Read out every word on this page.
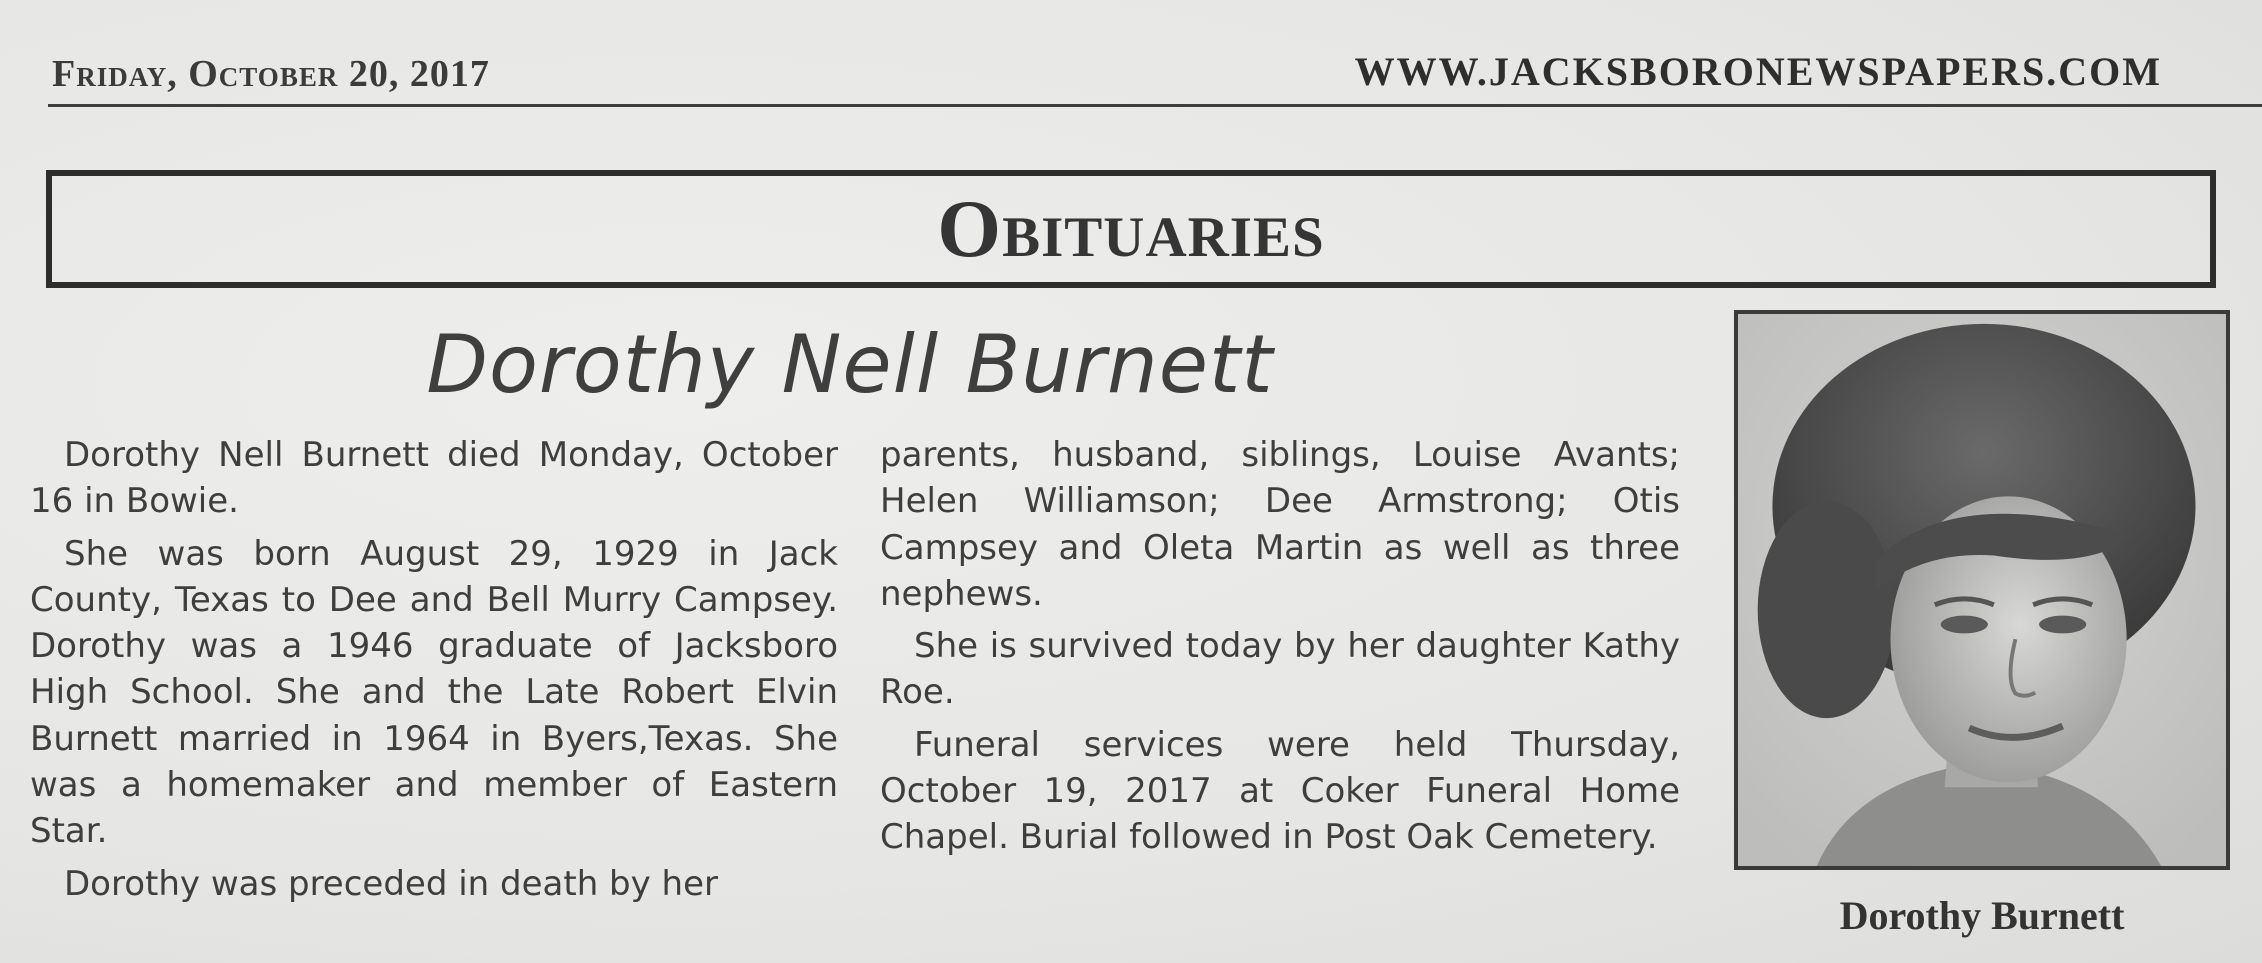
Friday, October 20, 2017	WWW.JACKSBORONEWSPAPERS.COM
Obituaries
Dorothy Nell Burnett

Dorothy Nell Burnett died Monday, October 16 in Bowie.

She was born August 29, 1929 in Jack County, Texas to Dee and Bell Murry Campsey. Dorothy was a 1946 graduate of Jacksboro High School. She and the Late Robert Elvin Burnett married in 1964 in Byers,Texas. She was a homemaker and member of Eastern Star.

Dorothy was preceded in death by her

parents, husband, siblings, Louise Avants; Helen Williamson; Dee Armstrong; Otis Campsey and Oleta Martin as well as three nephews.

She is survived today by her daughter Kathy Roe.

Funeral services were held Thursday, October 19, 2017 at Coker Funeral Home Chapel. Burial followed in Post Oak Cemetery.

Dorothy Burnett
